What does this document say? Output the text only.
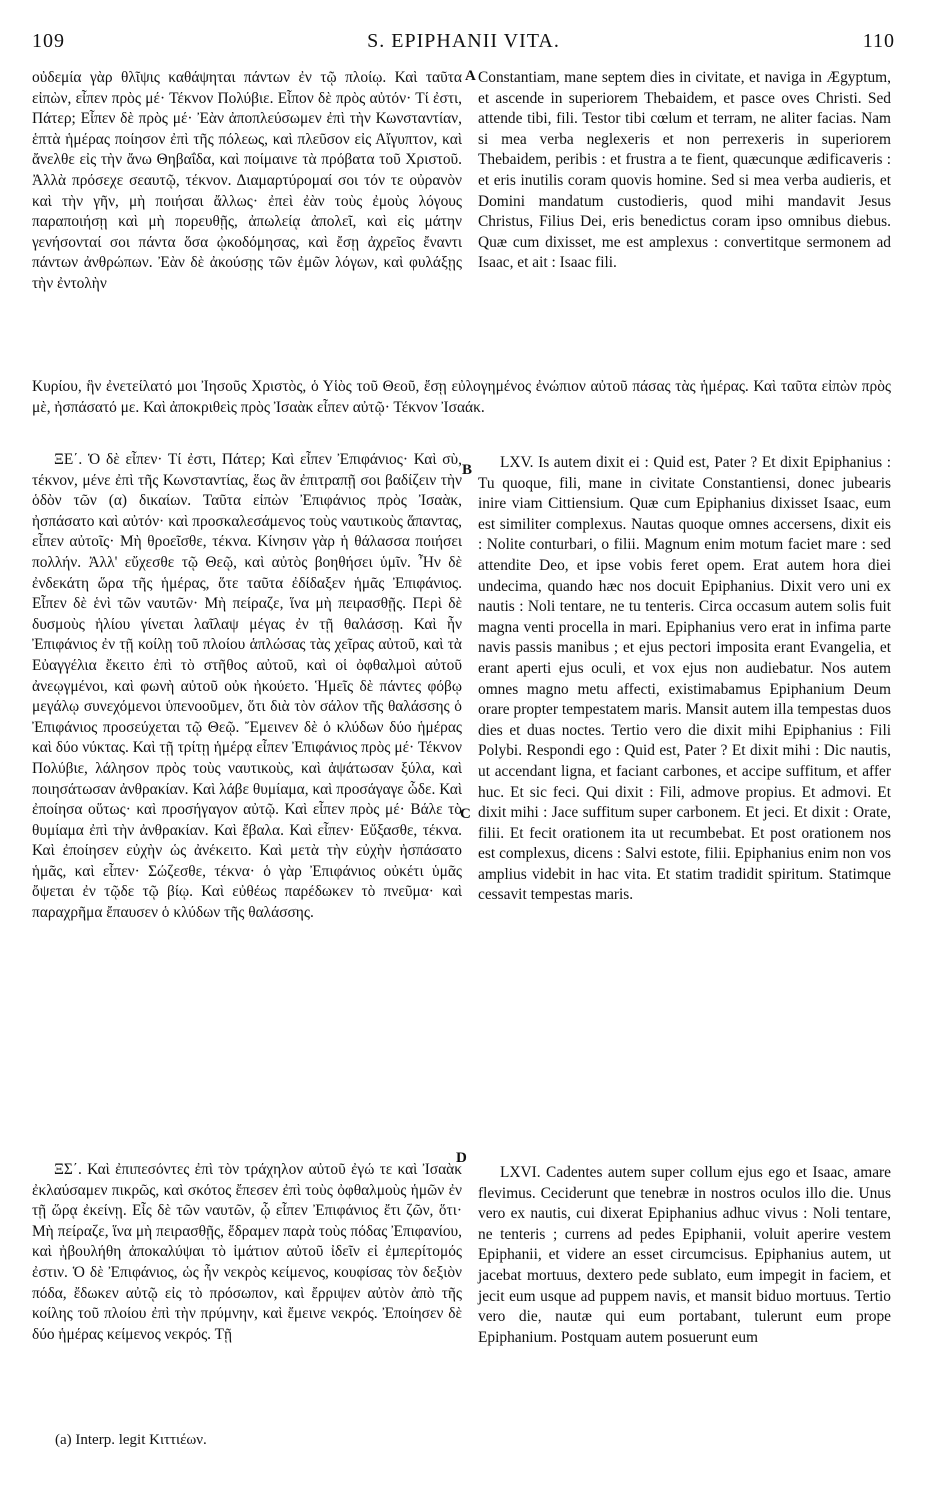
109	S. EPIPHANII VITA.	110
οὐδεμία γὰρ θλῖψις καθάψηται πάντων ἐν τῷ πλοίῳ. Καὶ ταῦτα εἰπὼν, εἶπεν πρὸς μέ· Τέκνον Πολύβιε. Εἶπον δὲ πρὸς αὐτόν· Τί ἐστι, Πάτερ; Εἶπεν δὲ πρὸς μέ· Ἐὰν ἀποπλεύσωμεν ἐπὶ τὴν Κωνσταντίαν, ἑπτὰ ἡμέρας ποίησον ἐπὶ τῆς πόλεως, καὶ πλεῦσον εἰς Αἴγυπτον, καὶ ἄνελθε εἰς τὴν ἄνω Θηβαΐδα, καὶ ποίμαινε τὰ πρόβατα τοῦ Χριστοῦ. Ἀλλὰ πρόσεχε σεαυτῷ, τέκνον. Διαμαρτύρομαί σοι τόν τε οὐρανὸν καὶ τὴν γῆν, μὴ ποιήσαι ἄλλως· ἐπεὶ ἐὰν τοὺς ἐμοὺς λόγους παραποιήσῃ καὶ μὴ πορευθῇς, ἀπωλείᾳ ἀπολεῖ, καὶ εἰς μάτην γενήσονταί σοι πάντα ὅσα ᾠκοδόμησας, καὶ ἔσῃ ἀχρεῖος ἔναντι πάντων ἀνθρώπων. Ἐὰν δὲ ἀκούσῃς τῶν ἐμῶν λόγων, καὶ φυλάξῃς τὴν ἐντολὴν
A Constantiam, mane septem dies in civitate, et naviga in Ægyptum, et ascende in superiorem Thebaidem, et pasce oves Christi. Sed attende tibi, fili. Testor tibi cœlum et terram, ne aliter facias. Nam si mea verba neglexeris et non perrexeris in superiorem Thebaidem, peribis : et frustra a te fient, quæcunque ædificaveris : et eris inutilis coram quovis homine. Sed si mea verba audieris, et Domini mandatum custodieris, quod mihi mandavit Jesus Christus, Filius Dei, eris benedictus coram ipso omnibus diebus. Quæ cum dixisset, me est amplexus : convertitque sermonem ad Isaac, et ait : Isaac fili.
Κυρίου, ἣν ἐνετείλατό μοι Ἰησοῦς Χριστὸς, ὁ Υἱὸς τοῦ Θεοῦ, ἔσῃ εὐλογημένος ἐνώπιον αὐτοῦ πάσας τὰς ἡμέρας. Καὶ ταῦτα εἰπὼν πρὸς μὲ, ἠσπάσατό με. Καὶ ἀποκριθεὶς πρὸς Ἰσαὰκ εἶπεν αὐτῷ· Τέκνον Ἰσαάκ.
B
ΞΕ΄. Ὁ δὲ εἶπεν· Τί ἐστι, Πάτερ; Καὶ εἶπεν Ἐπιφάνιος· Καὶ σὺ, τέκνον, μένε ἐπὶ τῆς Κωνσταντίας, ἕως ἂν ἐπιτραπῇ σοι βαδίζειν τὴν ὁδὸν τῶν (α) δικαίων. Ταῦτα εἰπὼν Ἐπιφάνιος πρὸς Ἰσαὰκ, ἠσπάσατο καὶ αὐτόν· καὶ προσκαλεσάμενος τοὺς ναυτικοὺς ἅπαντας, εἶπεν αὐτοῖς· Μὴ θροεῖσθε, τέκνα. Κίνησιν γὰρ ἡ θάλασσα ποιήσει πολλήν. Ἀλλ' εὔχεσθε τῷ Θεῷ, καὶ αὐτὸς βοηθήσει ὑμῖν. Ἦν δὲ ἐνδεκάτη ὥρα τῆς ἡμέρας, ὅτε ταῦτα ἐδίδαξεν ἡμᾶς Ἐπιφάνιος. Εἶπεν δὲ ἑνὶ τῶν ναυτῶν· Μὴ πείραζε, ἵνα μὴ πειρασθῇς. Περὶ δὲ δυσμοὺς ἡλίου γίνεται λαῖλαψ μέγας ἐν τῇ θαλάσσῃ. Καὶ ἦν Ἐπιφάνιος ἐν τῇ κοίλῃ τοῦ πλοίου ἁπλώσας τὰς χεῖρας αὐτοῦ, καὶ τὰ Εὐαγγέλια ἔκειτο ἐπὶ τὸ στῆθος αὐτοῦ, καὶ οἱ ὀφθαλμοὶ αὐτοῦ ἀνεῳγμένοι, καὶ φωνὴ αὐτοῦ οὐκ ἠκούετο. Ἡμεῖς δὲ πάντες φόβῳ μεγάλῳ συνεχόμενοι ὑπενοοῦμεν, ὅτι διὰ τὸν σάλον τῆς θαλάσσης ὁ Ἐπιφάνιος προσεύχεται τῷ Θεῷ. Ἔμεινεν δὲ ὁ κλύδων δύο ἡμέρας καὶ δύο νύκτας. Καὶ τῇ τρίτῃ ἡμέρᾳ εἶπεν Ἐπιφάνιος πρὸς μέ· Τέκνον Πολύβιε, λάλησον πρὸς τοὺς ναυτικοὺς, καὶ ἀψάτωσαν ξύλα, καὶ ποιησάτωσαν ἀνθρακίαν. Καὶ λάβε θυμίαμα, καὶ προσάγαγε ὧδε. Καὶ ἐποίησα οὕτως· καὶ προσήγαγον αὐτῷ. Καὶ εἶπεν πρὸς μέ· Βάλε τὸ θυμίαμα ἐπὶ τὴν ἀνθρακίαν. Καὶ ἔβαλα. Καὶ εἶπεν· Εὔξασθε, τέκνα. Καὶ ἐποίησεν εὐχὴν ὡς ἀνέκειτο. Καὶ μετὰ τὴν εὐχὴν ἠσπάσατο ἡμᾶς, καὶ εἶπεν· Σώζεσθε, τέκνα· ὁ γὰρ Ἐπιφάνιος οὐκέτι ὑμᾶς ὄψεται ἐν τῷδε τῷ βίῳ. Καὶ εὐθέως παρέδωκεν τὸ πνεῦμα· καὶ παραχρῆμα ἔπαυσεν ὁ κλύδων τῆς θαλάσσης.
LXV. Is autem dixit ei : Quid est, Pater ? Et dixit Epiphanius : Tu quoque, fili, mane in civitate Constantiensi, donec jubearis inire viam Cittiensium. Quæ cum Epiphanius dixisset Isaac, eum est similiter complexus. Nautas quoque omnes accersens, dixit eis : Nolite conturbari, o filii. Magnum enim motum faciet mare : sed attendite Deo, et ipse vobis feret opem. Erat autem hora diei undecima, quando hæc nos docuit Epiphanius. Dixit vero uni ex nautis : Noli tentare, ne tu tenteris. Circa occasum autem solis fuit magna venti procella in mari. Epiphanius vero erat in infima parte navis passis manibus ; et ejus pectori imposita erant Evangelia, et erant aperti ejus oculi, et vox ejus non audiebatur. Nos autem omnes magno metu affecti, existimabamus Epiphanium Deum orare propter tempestatem maris. Mansit autem illa tempestas duos dies et duas noctes. Tertio vero die dixit mihi Epiphanius : Fili Polybi. Respondi ego : Quid est, Pater ? Et dixit mihi : Dic nautis, ut accendant ligna, et faciant carbones, et accipe suffitum, et affer huc. Et sic feci. Qui dixit : Fili, admove propius. Et admovi. Et dixit mihi : Jace suffitum super carbonem. Et jeci. Et dixit : Orate, filii. Et fecit orationem ita ut recumbebat. Et post orationem nos est complexus, dicens : Salvi estote, filii. Epiphanius enim non vos amplius videbit in hac vita. Et statim tradidit spiritum. Statimque cessavit tempestas maris.
C
D
ΞΣ΄. Καὶ ἐπιπεσόντες ἐπὶ τὸν τράχηλον αὐτοῦ ἐγώ τε καὶ Ἰσαὰκ ἐκλαύσαμεν πικρῶς, καὶ σκότος ἔπεσεν ἐπὶ τοὺς ὀφθαλμοὺς ἡμῶν ἐν τῇ ὥρᾳ ἐκείνῃ. Εἷς δὲ τῶν ναυτῶν, ᾧ εἶπεν Ἐπιφάνιος ἔτι ζῶν, ὅτι· Μὴ πείραζε, ἵνα μὴ πειρασθῇς, ἔδραμεν παρὰ τοὺς πόδας Ἐπιφανίου, καὶ ἠβουλήθη ἀποκαλύψαι τὸ ἱμάτιον αὐτοῦ ἰδεῖν εἰ ἐμπερίτομός ἐστιν. Ὁ δὲ Ἐπιφάνιος, ὡς ἦν νεκρὸς κείμενος, κουφίσας τὸν δεξιὸν πόδα, ἔδωκεν αὐτῷ εἰς τὸ πρόσωπον, καὶ ἔρριψεν αὐτὸν ἀπὸ τῆς κοίλης τοῦ πλοίου ἐπὶ τὴν πρύμνην, καὶ ἔμεινε νεκρός. Ἐποίησεν δὲ δύο ἡμέρας κείμενος νεκρός. Τῇ
LXVI. Cadentes autem super collum ejus ego et Isaac, amare flevimus. Ceciderunt que tenebræ in nostros oculos illo die. Unus vero ex nautis, cui dixerat Epiphanius adhuc vivus : Noli tentare, ne tenteris ; currens ad pedes Epiphanii, voluit aperire vestem Epiphanii, et videre an esset circumcisus. Epiphanius autem, ut jacebat mortuus, dextero pede sublato, eum impegit in faciem, et jecit eum usque ad puppem navis, et mansit biduo mortuus. Tertio vero die, nautæ qui eum portabant, tulerunt eum prope Epiphanium. Postquam autem posuerunt eum
(a) Interp. legit Κιττιέων.
